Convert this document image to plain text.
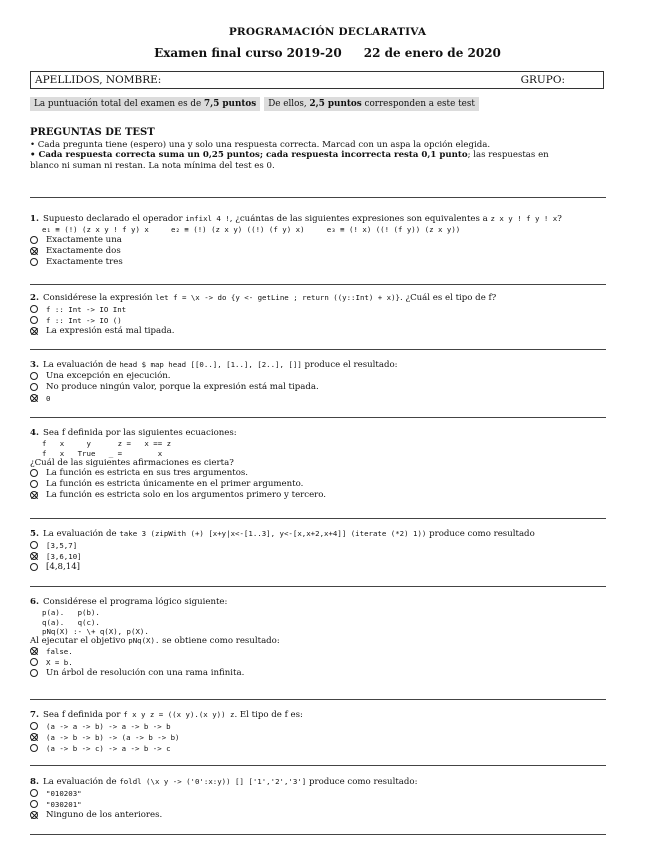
PROGRAMACIÓN DECLARATIVA
Examen final curso 2019-20 22 de enero de 2020
APELLIDOS, NOMBRE:	GRUPO:
La puntuación total del examen es de 7,5 puntos De ellos, 2,5 puntos corresponden a este test
PREGUNTAS DE TEST
• Cada pregunta tiene (espero) una y solo una respuesta correcta. Marcad con un aspa la opción elegida.
• Cada respuesta correcta suma un 0,25 puntos; cada respuesta incorrecta resta 0,1 punto; las respuestas en
blanco ni suman ni restan. La nota mínima del test es 0.
1. Supuesto declarado el operador infixl 4 !, ¿cuántas de las siguientes expresiones son equivalentes a z x y ! f y ! x?
e₁ ≡ (!) (z x y ! f y) x     e₂ ≡ (!) (z x y) ((!) (f y) x)     e₃ ≡ (! x) ((! (f y)) (z x y))
Exactamente una
Exactamente dos
Exactamente tres
2. Considérese la expresión let f = \x -> do {y <- getLine ; return ((y::Int) + x)}. ¿Cuál es el tipo de f?
f :: Int -> IO Int
f :: Int -> IO ()
La expresión está mal tipada.
3. La evaluación de head $ map head [[0..], [1..], [2..], []] produce el resultado:
Una excepción en ejecución.
No produce ningún valor, porque la expresión está mal tipada.
0
4. Sea f definida por las siguientes ecuaciones:
f   x     y      z =   x == z
f   x   True   _ =        x
¿Cuál de las siguientes afirmaciones es cierta?
La función es estricta en sus tres argumentos.
La función es estricta únicamente en el primer argumento.
La función es estricta solo en los argumentos primero y tercero.
5. La evaluación de take 3 (zipWith (+) [x+y|x<-[1..3], y<-[x,x+2,x+4]] (iterate (*2) 1)) produce como resultado
[3,5,7]
[3,6,10]
[4,8,14]
6. Considérese el programa lógico siguiente:
p(a).   p(b).
q(a).   q(c).
pNq(X) :- \+ q(X), p(X).
Al ejecutar el objetivo pNq(X). se obtiene como resultado:
false.
X = b.
Un árbol de resolución con una rama infinita.
7. Sea f definida por f x y z = ((x y).(x y)) z. El tipo de f es:
(a -> a -> b) -> a -> b -> b
(a -> b -> b) -> (a -> b -> b)
(a -> b -> c) -> a -> b -> c
8. La evaluación de foldl (\x y -> ('0':x:y)) [] ['1','2','3'] produce como resultado:
"010203"
"030201"
Ninguno de los anteriores.
